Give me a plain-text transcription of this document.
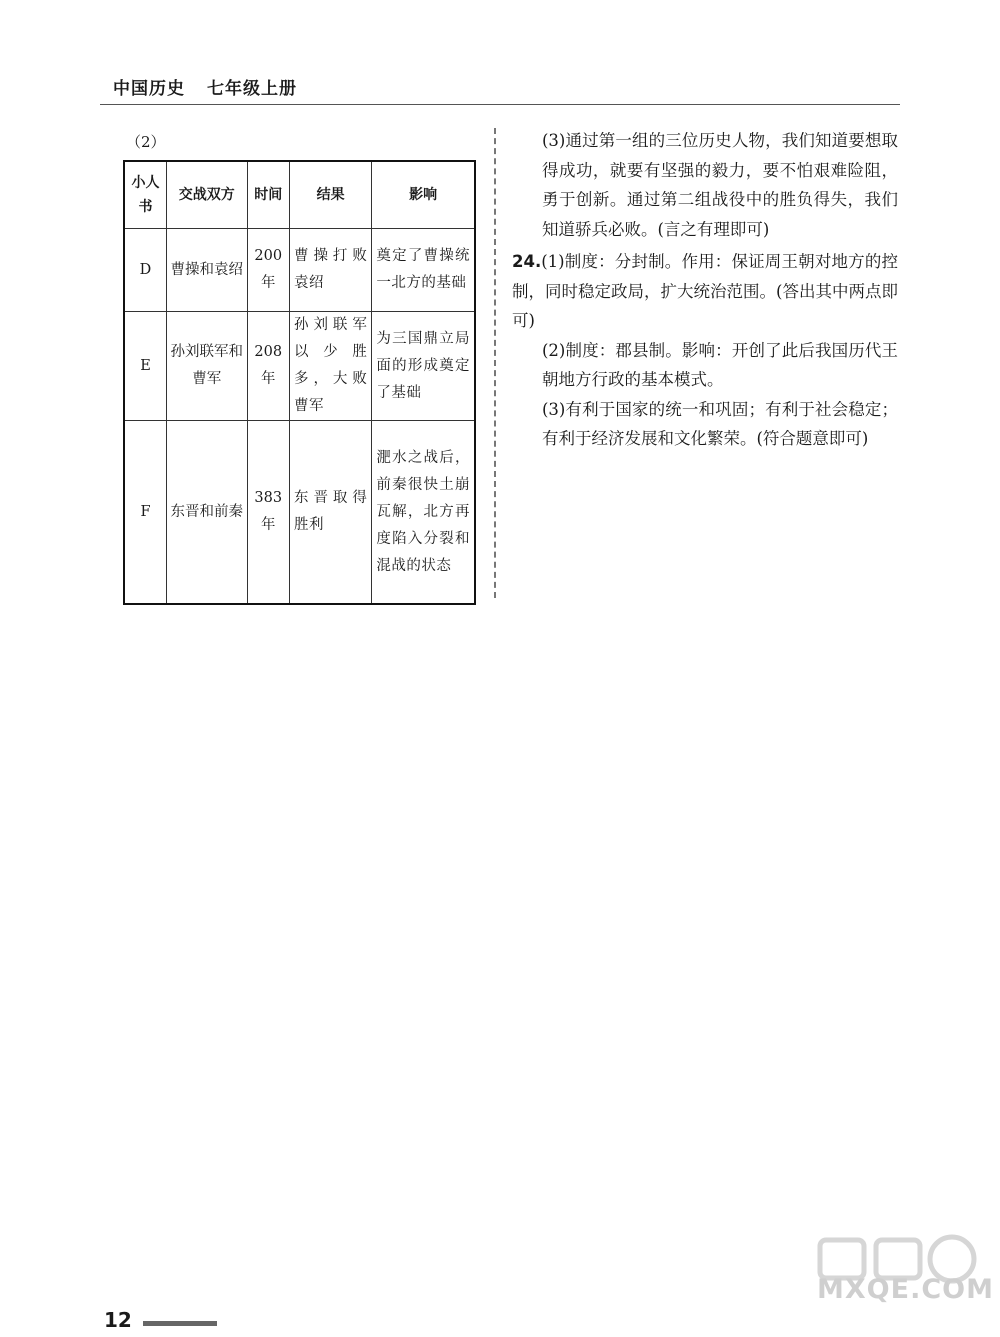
中国历史 七年级上册
（2）
小人书	交战双方	时间	结果	影响
D	曹操和袁绍	200年	曹操打败袁绍	奠定了曹操统一北方的基础
E	孙刘联军和曹军	208年	孙刘联军以少胜多，大败曹军	为三国鼎立局面的形成奠定了基础
F	东晋和前秦	383年	东晋取得胜利	淝水之战后，前秦很快土崩瓦解，北方再度陷入分裂和混战的状态

(3)通过第一组的三位历史人物，我们知道要想取得成功，就要有坚强的毅力，要不怕艰难险阻，勇于创新。通过第二组战役中的胜负得失，我们知道骄兵必败。(言之有理即可)

24.(1)制度：分封制。作用：保证周王朝对地方的控制，同时稳定政局，扩大统治范围。(答出其中两点即可)

(2)制度：郡县制。影响：开创了此后我国历代王朝地方行政的基本模式。

(3)有利于国家的统一和巩固；有利于社会稳定；有利于经济发展和文化繁荣。(符合题意即可)

12
MXQE.COM
